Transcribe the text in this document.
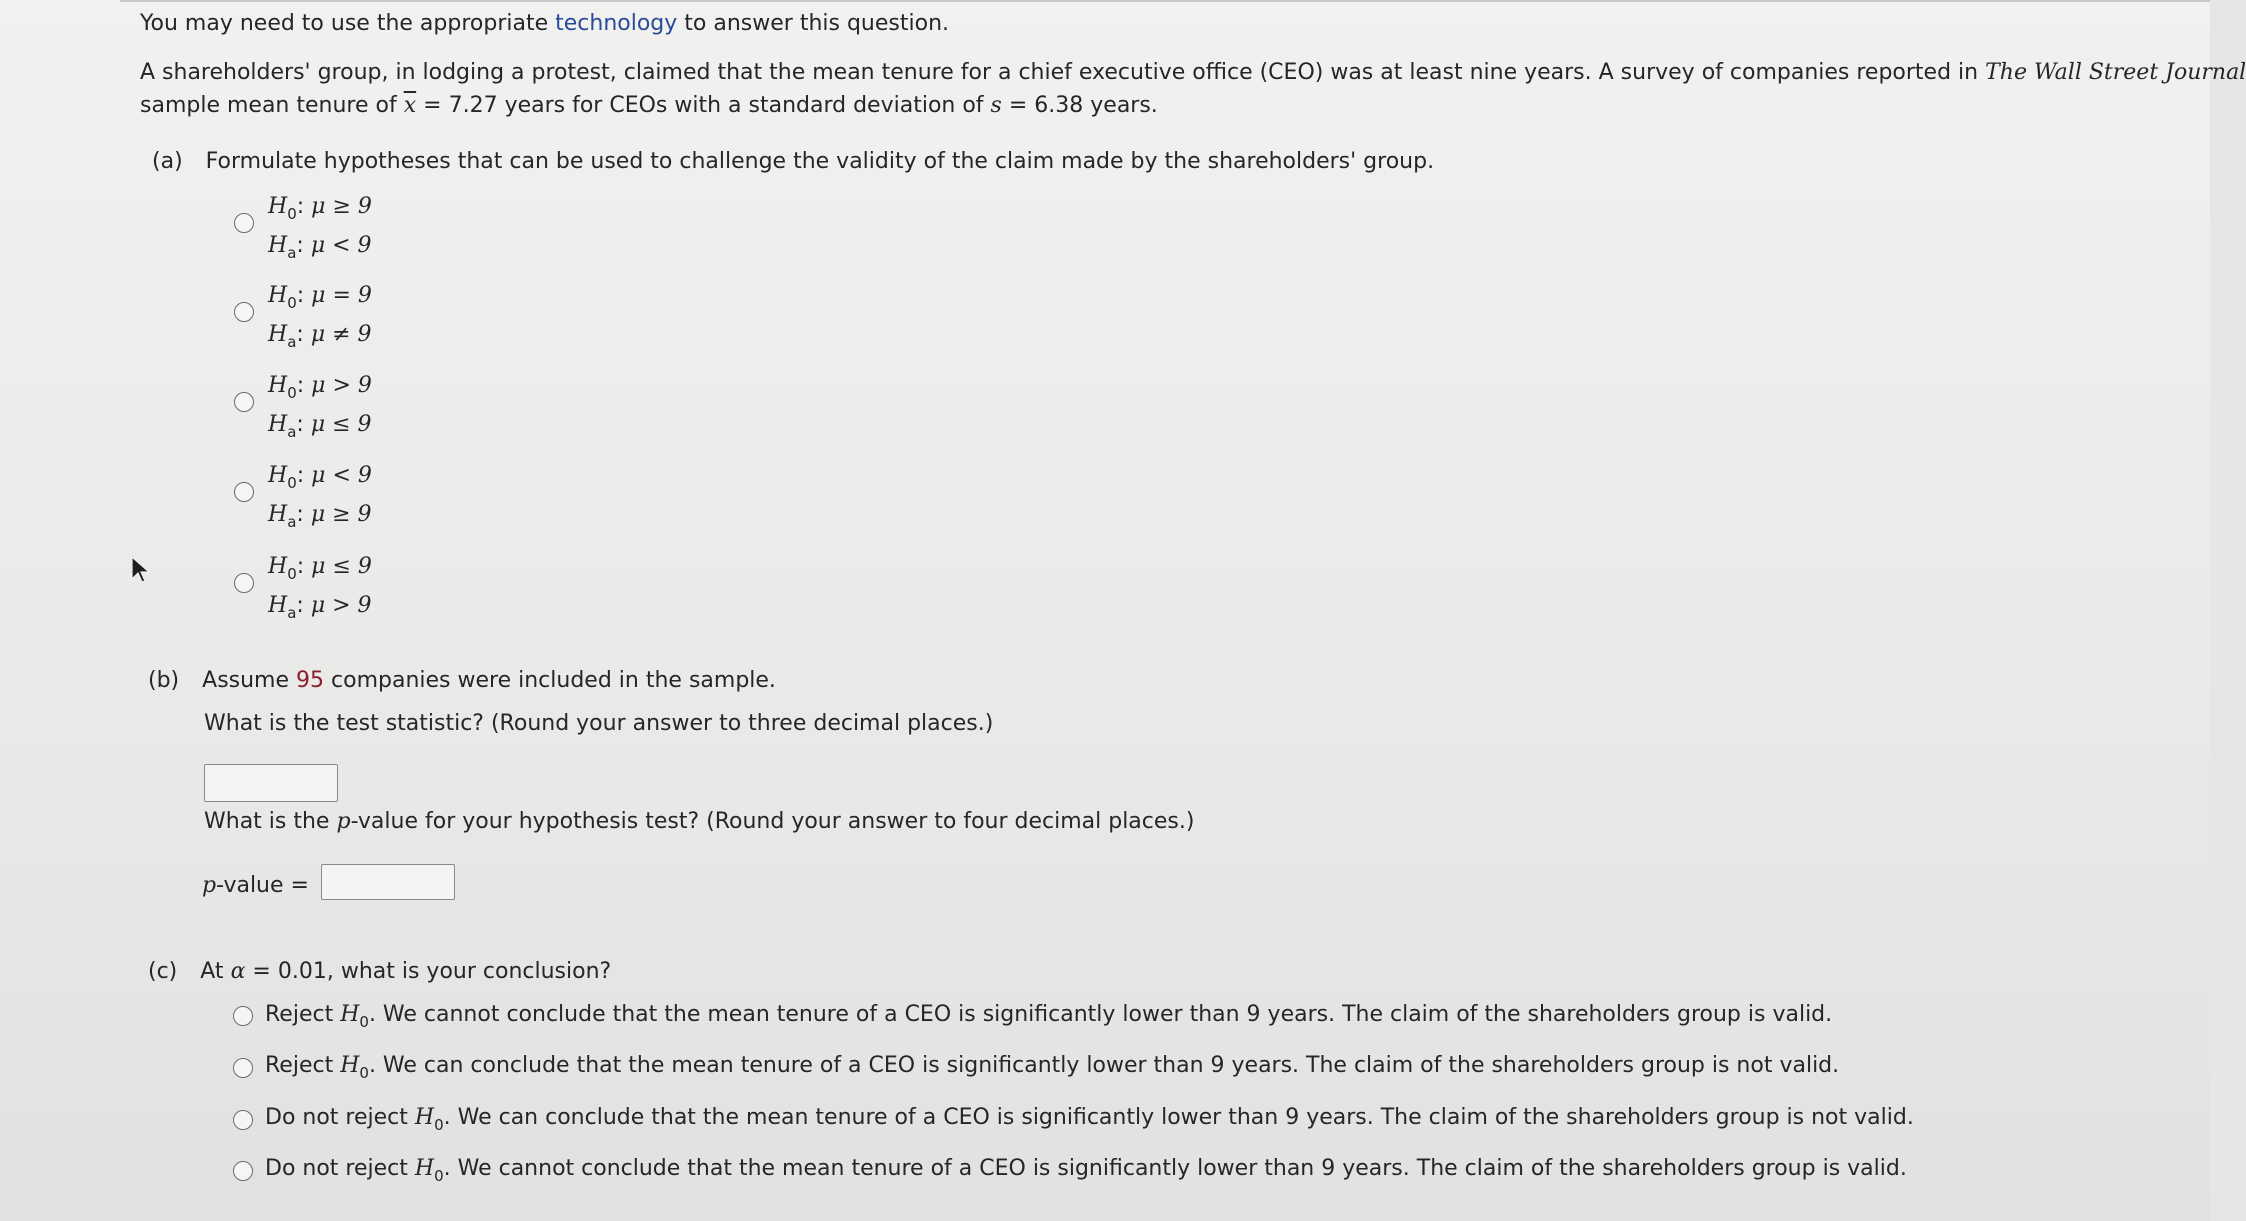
You may need to use the appropriate technology to answer this question.
A shareholders' group, in lodging a protest, claimed that the mean tenure for a chief executive office (CEO) was at least nine years. A survey of companies reported in The Wall Street Journal
sample mean tenure of $\overline{x} = 7.27$ years for CEOs with a standard deviation of s = 6.38 years.
(a) Formulate hypotheses that can be used to challenge the validity of the claim made by the shareholders' group.
$H_0$: μ ≥ 9
$H_a$: μ < 9
$H_0$: μ = 9
$H_a$: μ ≠ 9
$H_0$: μ > 9
$H_a$: μ ≤ 9
$H_0$: μ < 9
$H_a$: μ ≥ 9
$H_0$: μ ≤ 9
$H_a$: μ > 9
(b) Assume 95 companies were included in the sample.
What is the test statistic? (Round your answer to three decimal places.)
What is the p-value for your hypothesis test? (Round your answer to four decimal places.)
p-value =
(c) At α = 0.01, what is your conclusion?
Reject $H_0$. We cannot conclude that the mean tenure of a CEO is significantly lower than 9 years. The claim of the shareholders group is valid.
Reject $H_0$. We can conclude that the mean tenure of a CEO is significantly lower than 9 years. The claim of the shareholders group is not valid.
Do not reject $H_0$. We can conclude that the mean tenure of a CEO is significantly lower than 9 years. The claim of the shareholders group is not valid.
Do not reject $H_0$. We cannot conclude that the mean tenure of a CEO is significantly lower than 9 years. The claim of the shareholders group is valid.
